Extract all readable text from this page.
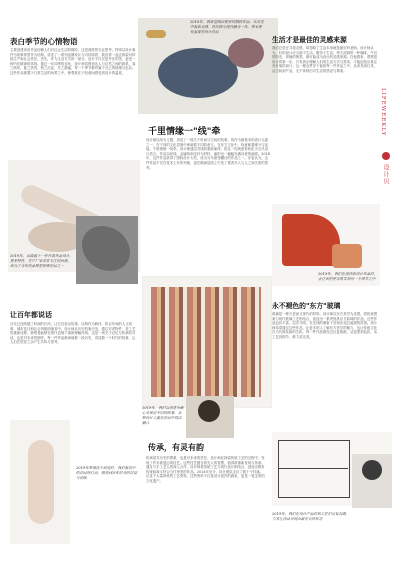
表白季节的心情物语
主要创建来用作品信赖人们对社会生活的期冲，这是深度的专业思考。特别以设计事件为故事背景作为结构，讲述了一系列品牌设计与可持续的，我们将一起去探索可持续生产和社会责任。首先，作为生活方式的一部分，设计不仅仅是外在的美，更是一种内在精神的体现。通过一年四季的变化，设计师试图表达人与自然之间的联系，春之萌发、夏之热烈、秋之沉淀、冬之静谧，每一个季节都有属于自己的情绪与色彩。这些作品被置于日常生活的场景之中，使观者在不经意间感受到设计的温度。
2019年，吴霞超下一件代表作品设计，更多特性，生产厂家非常关注时尚感，成为了当年的品牌里程碑作品之一
让百年都说话
百年已经跨越了时间的长河，让它们说出故事。以物作为载体，将百年间的人文故事、城市变迁和社会风貌浓缩其中。设计师从历史档案出发，通过对老物件、老工艺的重新诠释，使观者能够在现代语境下重新理解传统。这是一场关于记忆与传承的对话，也是对未来的期许。每一件作品都承载着一段历史，讲述着一个时代的故事，让人们在欣赏之余产生共鸣与思考。
2019年参观这个展览时，我们被其中的作品所打动，感受到百年时光的沉淀与延续
2019年，我希望做出更多的精致作品，从历史中汲取灵感，将传统与现代融为一体，带来更有温度的设计作品
千里情缘一"线"牵
设计师以线为主题，讲述了一段关于时间与空间的故事。线作为最基本的设计元素之一，在不同的文化语境中承载着不同的意义。在东方文化中，线意味着缘分与连接，千里姻缘一线牵。设计师通过对线的重新演绎，将这一传统意象转化为当代设计语言。作品以丝线、金属线和光纤为材料，编织出一幅幅充满诗意的画面。2018年，这件作品获得了国际设计大奖，成为当年最受瞩目的作品之一。评委认为，这件作品不仅在技术上有所突破，更在精神层面上引发了观者对人与人之间关系的思考。
2019年，我们以创意为核心呈现出不同的故事，各种设计元素在作品中得以融合
传承，有灵有韵
传承是对历史的尊重，也是对未来的责任。设计师在探索传统工艺的过程中，发现了许多被遗忘的技艺。这些技艺蕴含着先人的智慧，值得被重新发现与传承。通过与手工艺人的深入合作，设计师将传统工艺与现代设计相结合，创造出既有传统韵味又符合当代审美的作品。2014年至今，设计团队走访了数十个村落，记录下大量珍贵的工艺资料。这些资料不仅是设计创作的源泉，更是一笔宝贵的文化遗产。
生活才是最佳的灵感来源
我们总是在寻找灵感，却忽略了生活本身就是最好的老师。设计师认为，好的设计应当源于生活，服务于生活。每天清晨的一杯咖啡、午后的阳光、傍晚的街景，都可能成为设计的灵感来源。在他看来，观察是设计的第一步，只有真正理解人们的生活方式与需求，才能创造出真正有价值的设计。这一理念贯穿于他的每一件作品之中，从家具到灯具，从空间到产品，无不体现出对生活的热爱与尊重。
LIFEWEEKLY
设计贝
2019年，我们在创作新设计作品时，会注重把理念贯穿到每一个细节之中
永不褪色的"东方"玻璃
玻璃是一种古老而又现代的材料。设计师以东方美学为灵感，将传统图案与现代玻璃工艺相结合，创造出一系列独具东方韵味的作品。这些作品色彩丰富，层次分明，在光线的照射下呈现出变幻莫测的效果。设计师希望通过这些作品，让更多的人了解东方美学的魅力，也让传统文化在当代焕发新的生机。每一件作品都经过反复推敲，从造型到色彩，从工艺到细节，都力求完美。
2019年，我们在设计产品时和工匠们反复沟通，力求让作品呈现出最完美的状态
